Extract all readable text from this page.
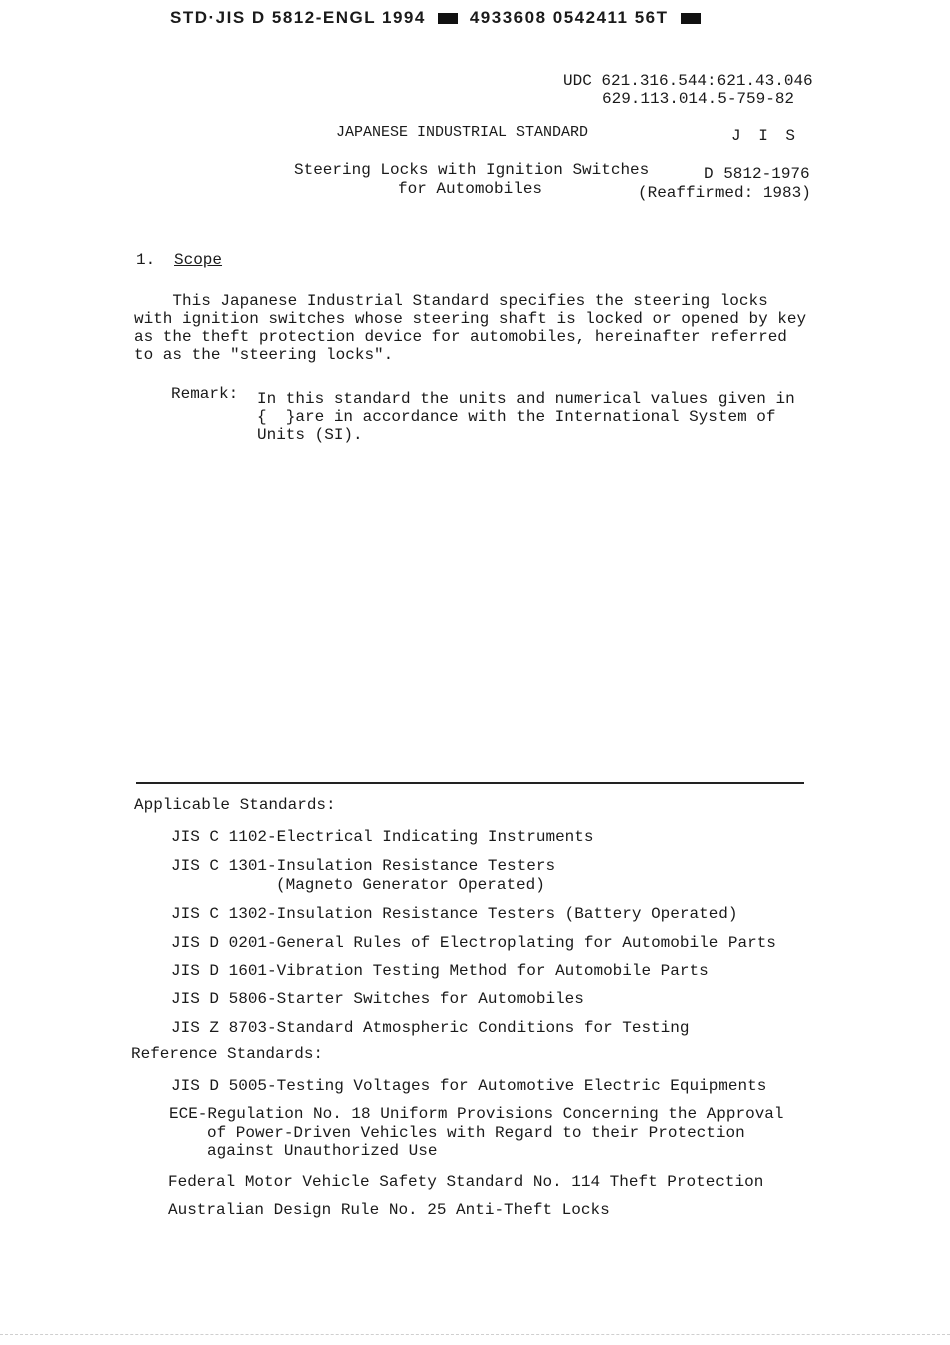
STD·JIS D 5812-ENGL 1994	4933608 0542411 56T
UDC 621.316.544:621.43.046
629.113.014.5-759-82
JAPANESE INDUSTRIAL STANDARD	J I S
Steering Locks with Ignition Switches
for Automobiles
D 5812-1976
(Reaffirmed: 1983)
1. Scope
This Japanese Industrial Standard specifies the steering locks
with ignition switches whose steering shaft is locked or opened by key
as the theft protection device for automobiles, hereinafter referred
to as the "steering locks".
Remark: In this standard the units and numerical values given in
{  }are in accordance with the International System of
Units (SI).
Applicable Standards:
JIS C 1102-Electrical Indicating Instruments
JIS C 1301-Insulation Resistance Testers
(Magneto Generator Operated)
JIS C 1302-Insulation Resistance Testers (Battery Operated)
JIS D 0201-General Rules of Electroplating for Automobile Parts
JIS D 1601-Vibration Testing Method for Automobile Parts
JIS D 5806-Starter Switches for Automobiles
JIS Z 8703-Standard Atmospheric Conditions for Testing
Reference Standards:
JIS D 5005-Testing Voltages for Automotive Electric Equipments
ECE-Regulation No. 18 Uniform Provisions Concerning the Approval
of Power-Driven Vehicles with Regard to their Protection
against Unauthorized Use
Federal Motor Vehicle Safety Standard No. 114 Theft Protection
Australian Design Rule No. 25 Anti-Theft Locks
